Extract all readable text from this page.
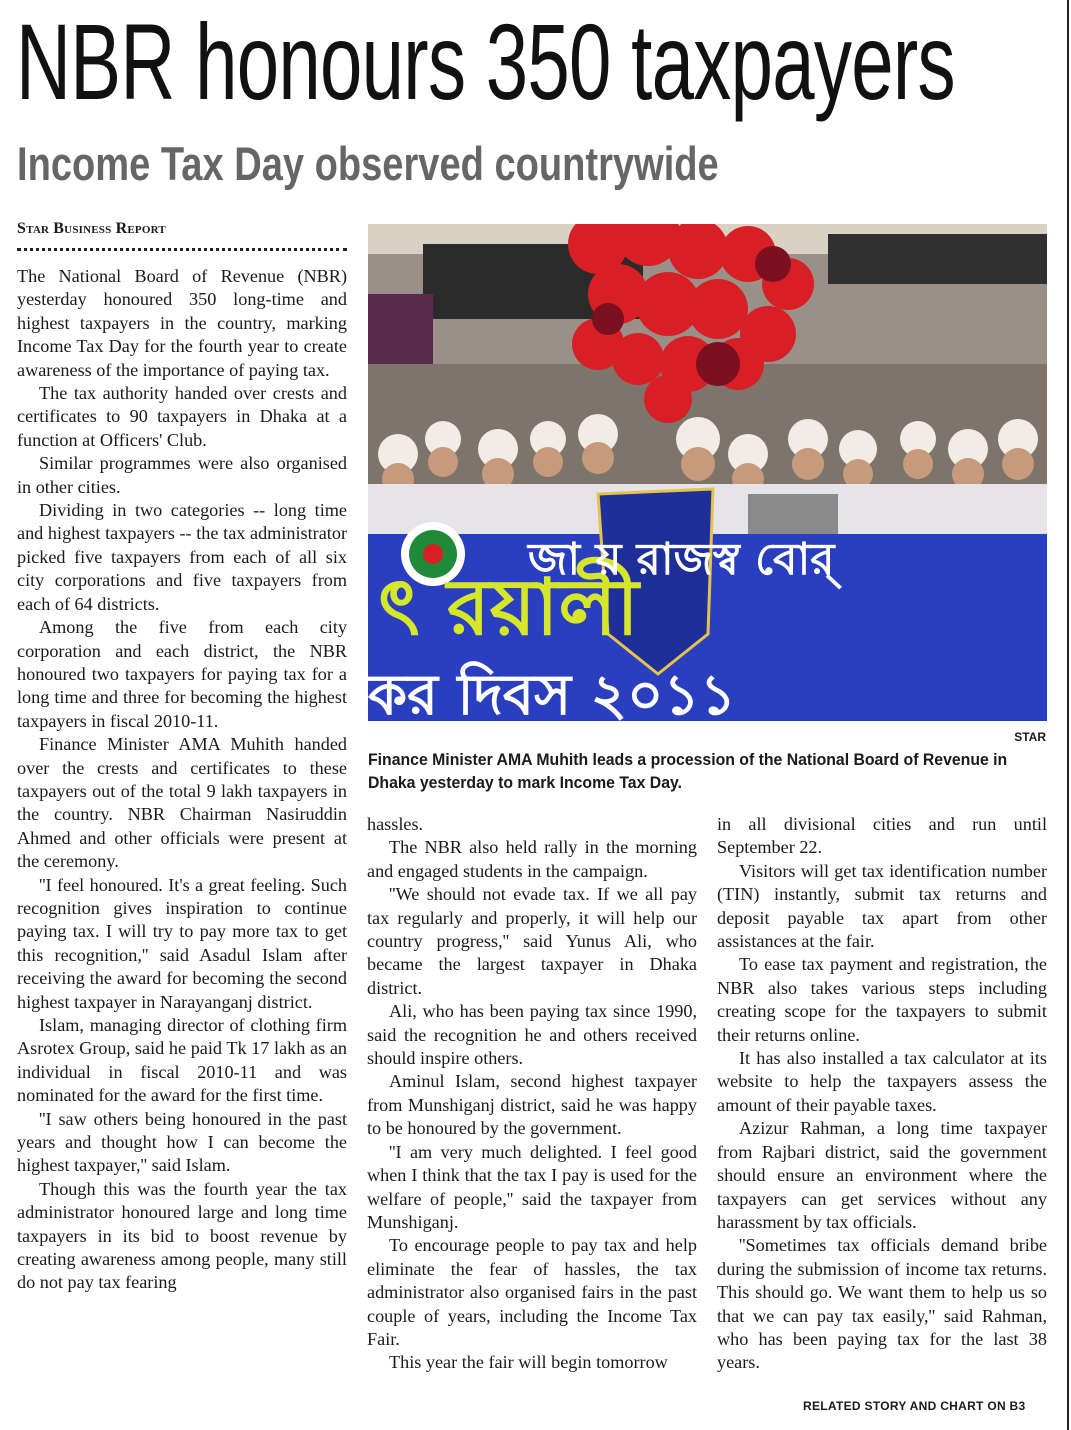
NBR honours 350 taxpayers
Income Tax Day observed countrywide
Star Business Report

The National Board of Revenue (NBR) yesterday honoured 350 long-time and highest taxpayers in the country, marking Income Tax Day for the fourth year to create awareness of the importance of paying tax.

The tax authority handed over crests and certificates to 90 taxpayers in Dhaka at a function at Officers' Club.

Similar programmes were also organised in other cities.

Dividing in two categories -- long time and highest taxpayers -- the tax administrator picked five taxpayers from each of all six city corporations and five taxpayers from each of 64 districts.

Among the five from each city corporation and each district, the NBR honoured two taxpayers for paying tax for a long time and three for becoming the highest taxpayers in fiscal 2010-11.

Finance Minister AMA Muhith handed over the crests and certificates to these taxpayers out of the total 9 lakh taxpayers in the country. NBR Chairman Nasiruddin Ahmed and other officials were present at the ceremony.

''I feel honoured. It's a great feeling. Such recognition gives inspiration to continue paying tax. I will try to pay more tax to get this recognition,'' said Asadul Islam after receiving the award for becoming the second highest taxpayer in Narayanganj district.

Islam, managing director of clothing firm Asrotex Group, said he paid Tk 17 lakh as an individual in fiscal 2010-11 and was nominated for the award for the first time.

''I saw others being honoured in the past years and thought how I can become the highest taxpayer,'' said Islam.

Though this was the fourth year the tax administrator honoured large and long time taxpayers in its bid to boost revenue by creating awareness among people, many still do not pay tax fearing

ৎ রয়ালী
জা য় রাজস্ব বোর্
কর দিবস ২০১১
STAR
Finance Minister AMA Muhith leads a procession of the National Board of Revenue in Dhaka yesterday to mark Income Tax Day.

hassles.

The NBR also held rally in the morning and engaged students in the campaign.

''We should not evade tax. If we all pay tax regularly and properly, it will help our country progress,'' said Yunus Ali, who became the largest taxpayer in Dhaka district.

Ali, who has been paying tax since 1990, said the recognition he and others received should inspire others.

Aminul Islam, second highest taxpayer from Munshiganj district, said he was happy to be honoured by the government.

''I am very much delighted. I feel good when I think that the tax I pay is used for the welfare of people,'' said the taxpayer from Munshiganj.

To encourage people to pay tax and help eliminate the fear of hassles, the tax administrator also organised fairs in the past couple of years, including the Income Tax Fair.

This year the fair will begin tomorrow

in all divisional cities and run until September 22.

Visitors will get tax identification number (TIN) instantly, submit tax returns and deposit payable tax apart from other assistances at the fair.

To ease tax payment and registration, the NBR also takes various steps including creating scope for the taxpayers to submit their returns online.

It has also installed a tax calculator at its website to help the taxpayers assess the amount of their payable taxes.

Azizur Rahman, a long time taxpayer from Rajbari district, said the government should ensure an environment where the taxpayers can get services without any harassment by tax officials.

''Sometimes tax officials demand bribe during the submission of income tax returns. This should go. We want them to help us so that we can pay tax easily,'' said Rahman, who has been paying tax for the last 38 years.

RELATED STORY AND CHART ON B3
